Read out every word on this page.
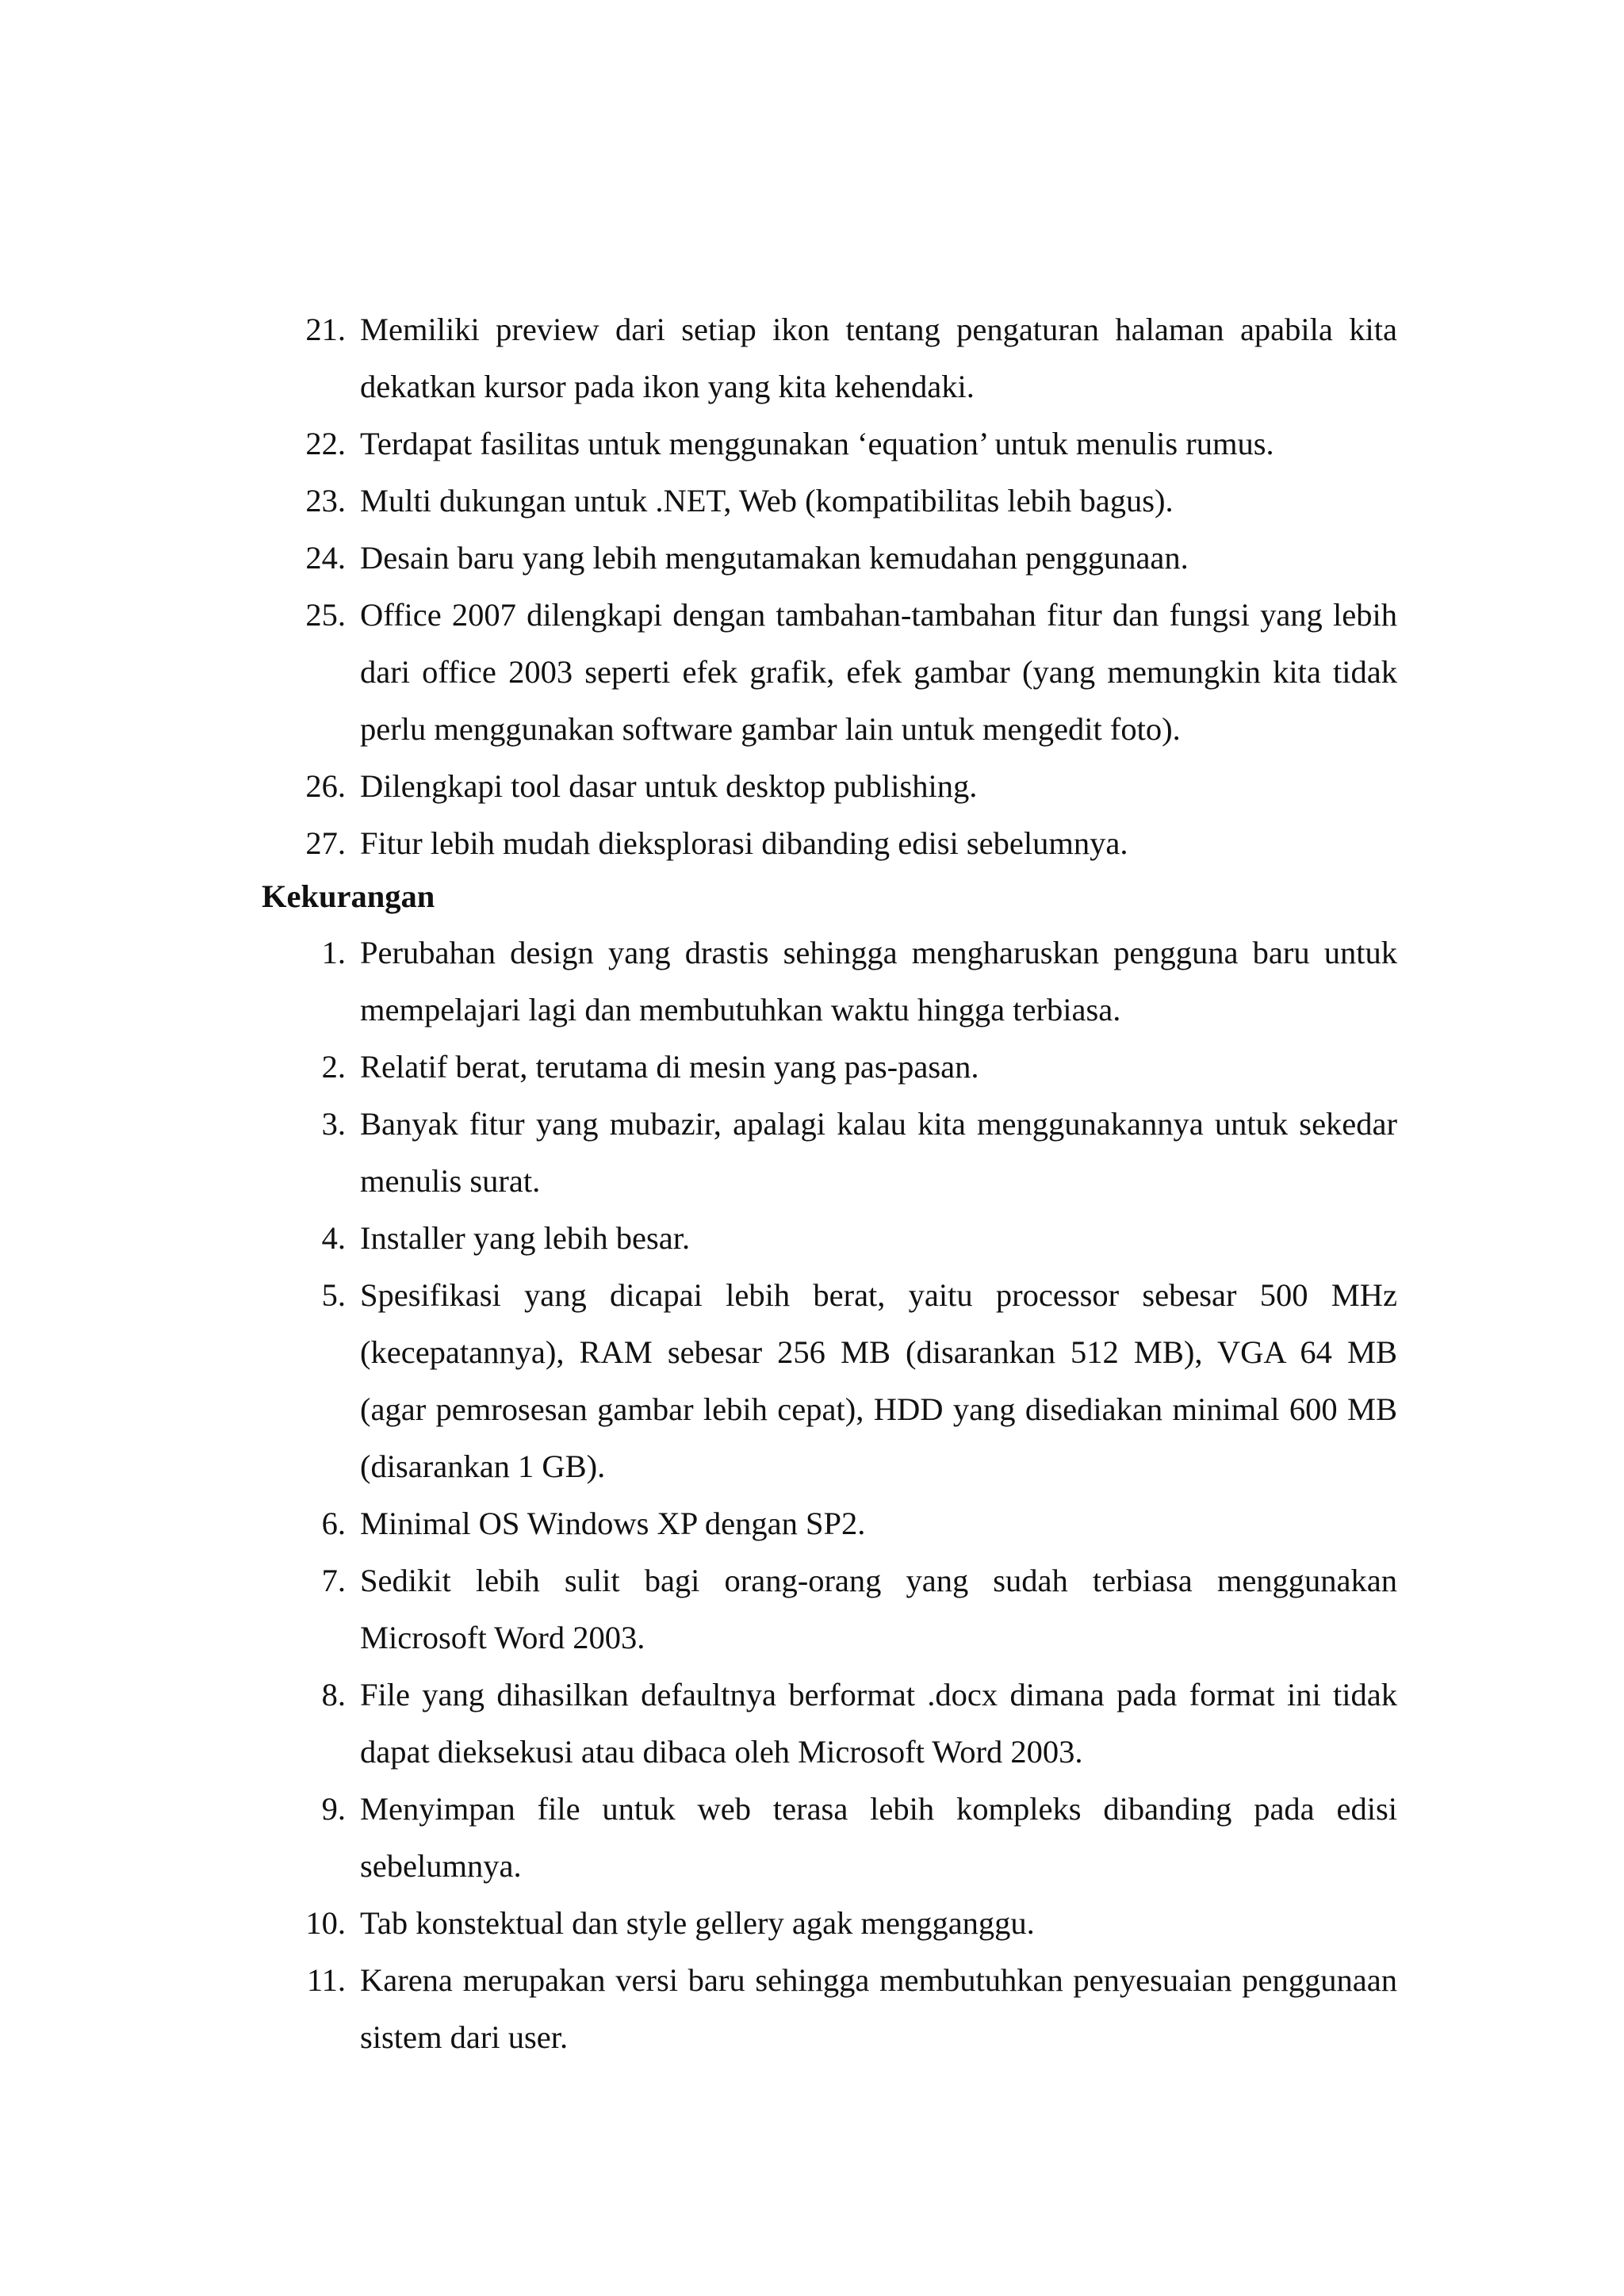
21. Memiliki preview dari setiap ikon tentang pengaturan halaman apabila kita dekatkan kursor pada ikon yang kita kehendaki.
22. Terdapat fasilitas untuk menggunakan ‘equation’ untuk menulis rumus.
23. Multi dukungan untuk .NET, Web (kompatibilitas lebih bagus).
24. Desain baru yang lebih mengutamakan kemudahan penggunaan.
25. Office 2007 dilengkapi dengan tambahan-tambahan fitur dan fungsi yang lebih dari office 2003 seperti efek grafik, efek gambar (yang memungkin kita tidak perlu menggunakan software gambar lain untuk mengedit foto).
26. Dilengkapi tool dasar untuk desktop publishing.
27. Fitur lebih mudah dieksplorasi dibanding edisi sebelumnya.
Kekurangan
1. Perubahan design yang drastis sehingga mengharuskan pengguna baru untuk mempelajari lagi dan membutuhkan waktu hingga terbiasa.
2. Relatif berat, terutama di mesin yang pas-pasan.
3. Banyak fitur yang mubazir, apalagi kalau kita menggunakannya untuk sekedar menulis surat.
4. Installer yang lebih besar.
5. Spesifikasi yang dicapai lebih berat, yaitu processor sebesar 500 MHz (kecepatannya), RAM sebesar 256 MB (disarankan 512 MB), VGA 64 MB (agar pemrosesan gambar lebih cepat), HDD yang disediakan minimal 600 MB (disarankan 1 GB).
6. Minimal OS Windows XP dengan SP2.
7. Sedikit lebih sulit bagi orang-orang yang sudah terbiasa menggunakan Microsoft Word 2003.
8. File yang dihasilkan defaultnya berformat .docx dimana pada format ini tidak dapat dieksekusi atau dibaca oleh Microsoft Word 2003.
9. Menyimpan file untuk web terasa lebih kompleks dibanding pada edisi sebelumnya.
10. Tab konstektual dan style gellery agak mengganggu.
11. Karena merupakan versi baru sehingga membutuhkan penyesuaian penggunaan sistem dari user.
